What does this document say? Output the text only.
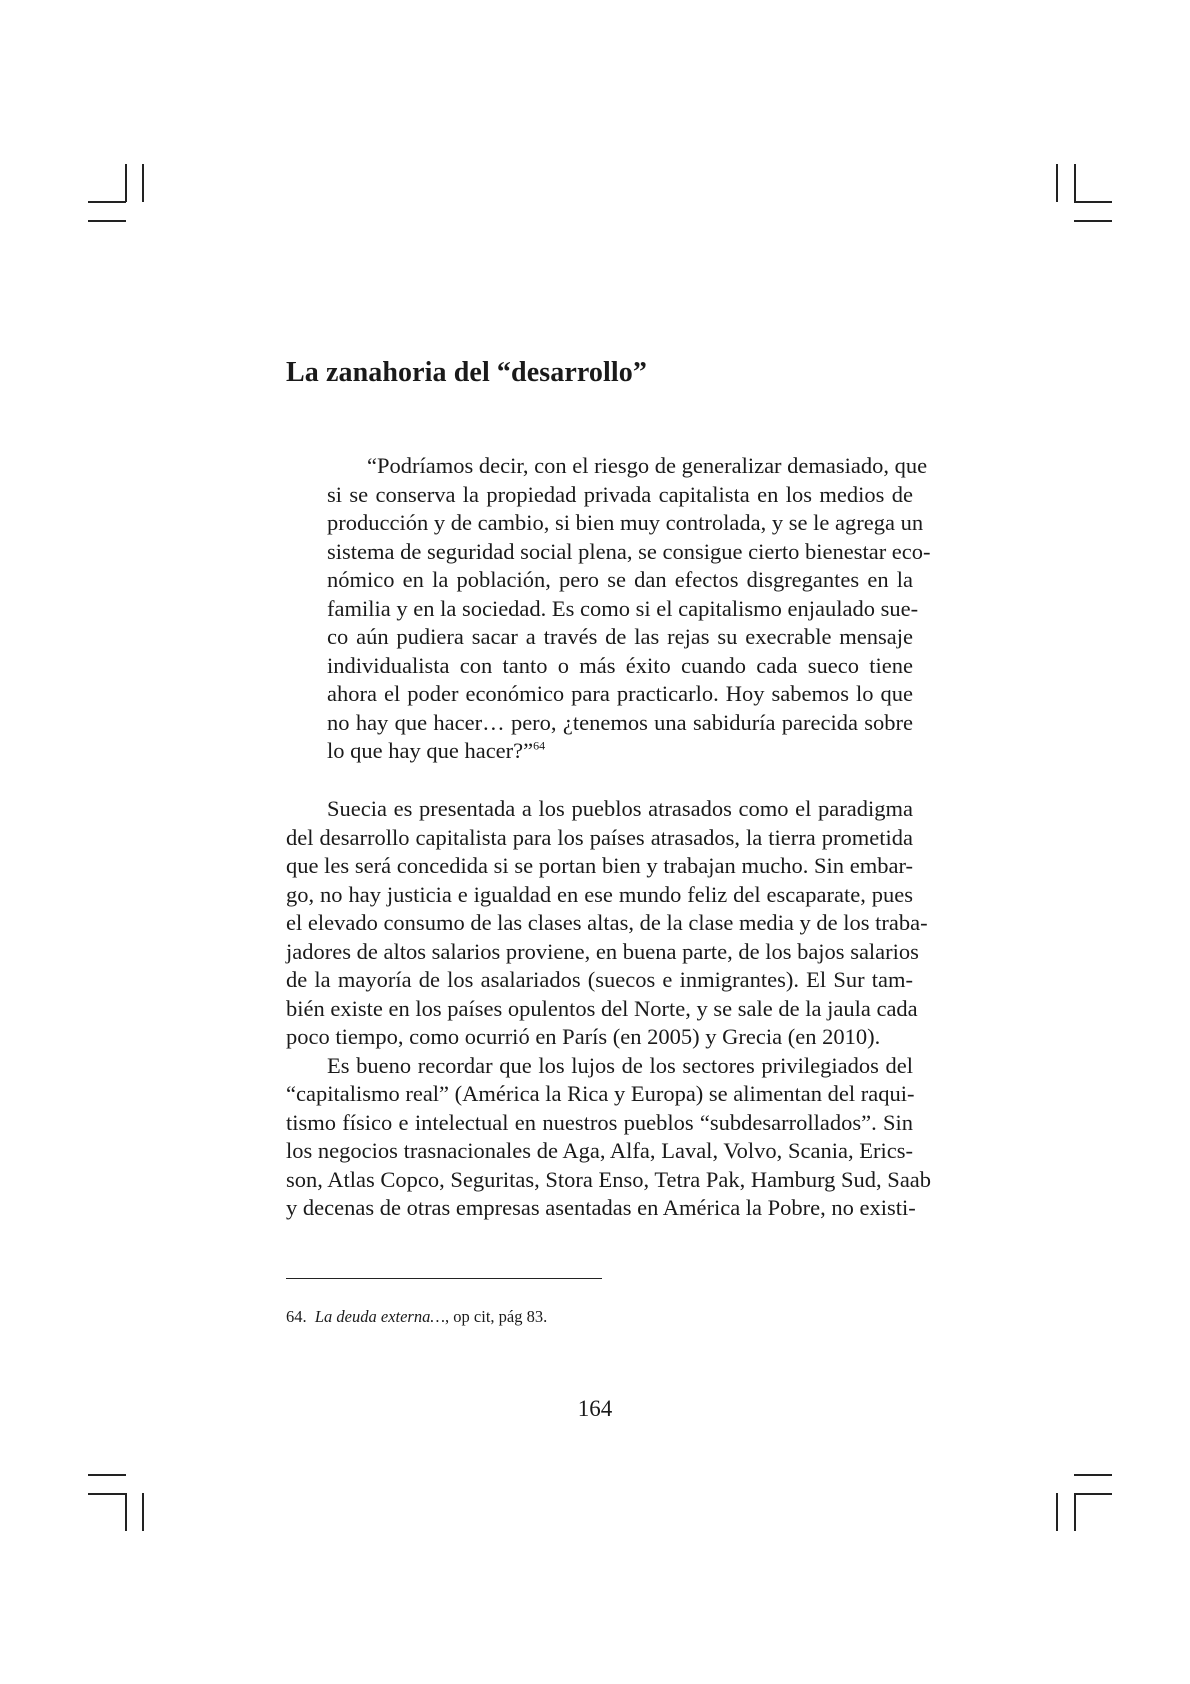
La zanahoria del “desarrollo”
“Podríamos decir, con el riesgo de generalizar demasiado, que
si se conserva la propiedad privada capitalista en los medios de
producción y de cambio, si bien muy controlada, y se le agrega un
sistema de seguridad social plena, se consigue cierto bienestar eco-
nómico en la población, pero se dan efectos disgregantes en la
familia y en la sociedad. Es como si el capitalismo enjaulado sue-
co aún pudiera sacar a través de las rejas su execrable mensaje
individualista con tanto o más éxito cuando cada sueco tiene
ahora el poder económico para practicarlo. Hoy sabemos lo que
no hay que hacer… pero, ¿tenemos una sabiduría parecida sobre
lo que hay que hacer?”$^{64}$
Suecia es presentada a los pueblos atrasados como el paradigma
del desarrollo capitalista para los países atrasados, la tierra prometida
que les será concedida si se portan bien y trabajan mucho. Sin embar-
go, no hay justicia e igualdad en ese mundo feliz del escaparate, pues
el elevado consumo de las clases altas, de la clase media y de los traba-
jadores de altos salarios proviene, en buena parte, de los bajos salarios
de la mayoría de los asalariados (suecos e inmigrantes). El Sur tam-
bién existe en los países opulentos del Norte, y se sale de la jaula cada
poco tiempo, como ocurrió en París (en 2005) y Grecia (en 2010).
Es bueno recordar que los lujos de los sectores privilegiados del
“capitalismo real” (América la Rica y Europa) se alimentan del raqui-
tismo físico e intelectual en nuestros pueblos “subdesarrollados”. Sin
los negocios trasnacionales de Aga, Alfa, Laval, Volvo, Scania, Erics-
son, Atlas Copco, Seguritas, Stora Enso, Tetra Pak, Hamburg Sud, Saab
y decenas de otras empresas asentadas en América la Pobre, no existi-
64. La deuda externa…, op cit, pág 83.
164
